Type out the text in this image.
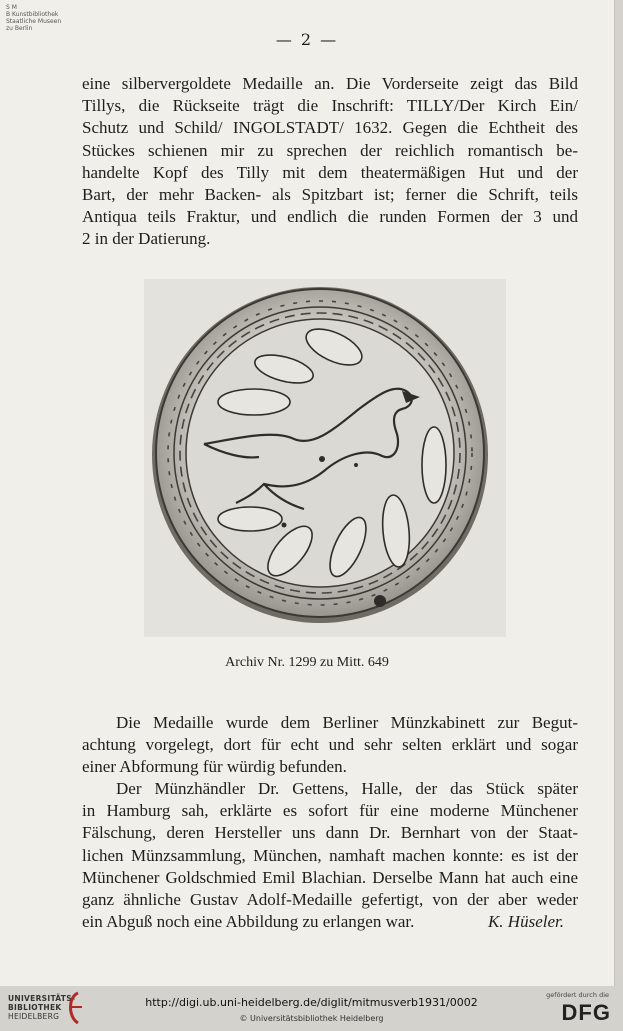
S M
B Kunstbibliothek
Staatliche Museen
zu Berlin
— 2 —

eine silbervergoldete Medaille an. Die Vorderseite zeigt das Bild
Tillys, die Rückseite trägt die Inschrift: TILLY/Der Kirch Ein/
Schutz und Schild/ INGOLSTADT/ 1632. Gegen die Echtheit des
Stückes schienen mir zu sprechen der reichlich romantisch be-
handelte Kopf des Tilly mit dem theatermäßigen Hut und der
Bart, der mehr Backen- als Spitzbart ist; ferner die Schrift, teils
Antiqua teils Fraktur, und endlich die runden Formen der 3 und
2 in der Datierung.

Archiv Nr. 1299 zu Mitt. 649

Die Medaille wurde dem Berliner Münzkabinett zur Begut-
achtung vorgelegt, dort für echt und sehr selten erklärt und sogar
einer Abformung für würdig befunden.

Der Münzhändler Dr. Gettens, Halle, der das Stück später
in Hamburg sah, erklärte es sofort für eine moderne Münchener
Fälschung, deren Hersteller uns dann Dr. Bernhart von der Staat-
lichen Münzsammlung, München, namhaft machen konnte: es ist der
Münchener Goldschmied Emil Blachian. Derselbe Mann hat auch eine
ganz ähnliche Gustav Adolf-Medaille gefertigt, von der aber weder
ein Abguß noch eine Abbildung zu erlangen war.	K. Hüseler.

UNIVERSITÄTS-
BIBLIOTHEK
HEIDELBERG
http://digi.ub.uni-heidelberg.de/diglit/mitmusverb1931/0002
© Universitätsbibliothek Heidelberg
gefördert durch die
DFG
